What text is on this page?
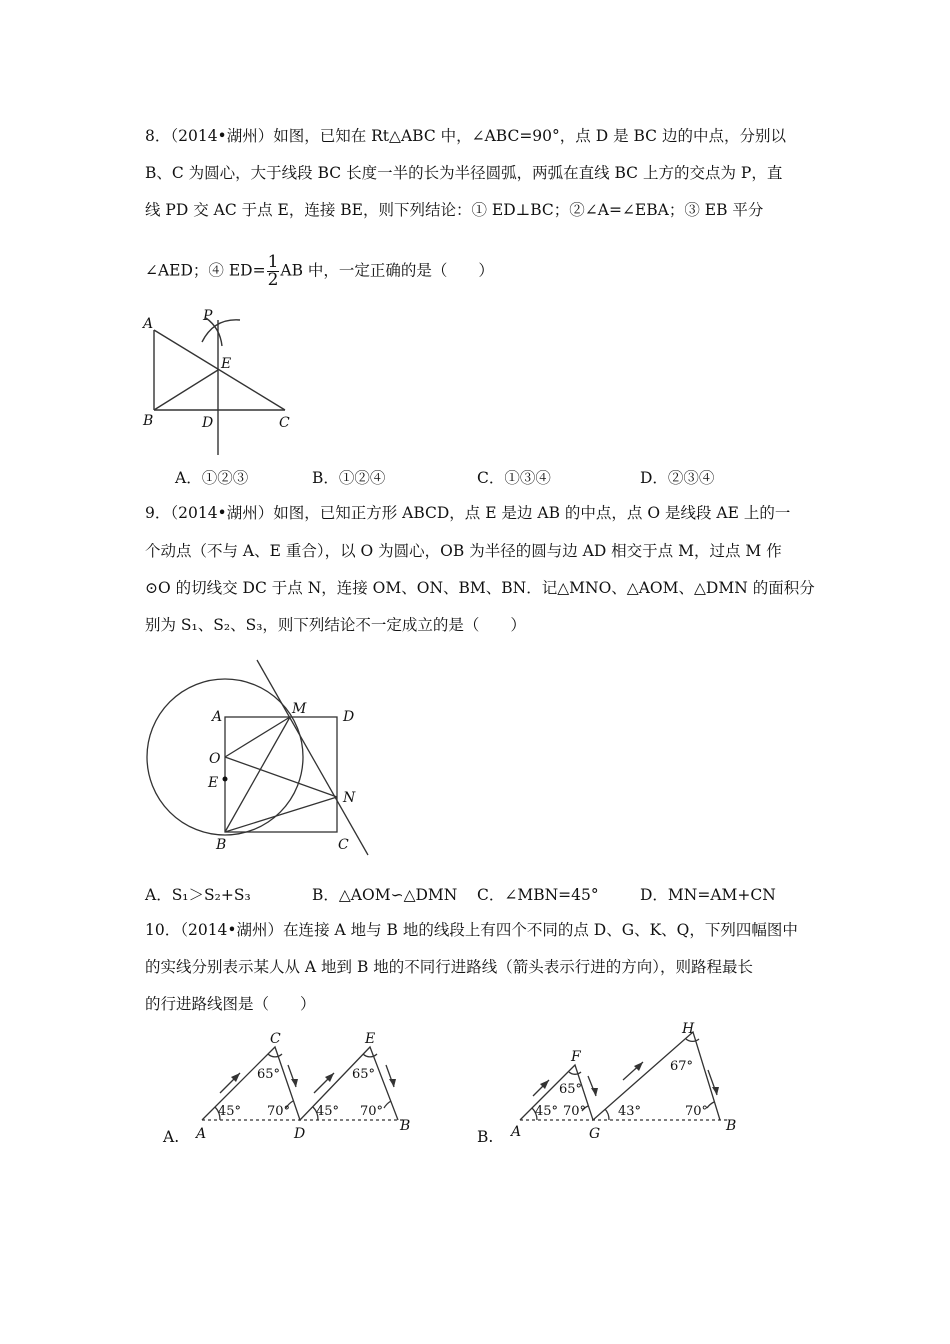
8．（2014•湖州）如图，已知在 Rt△ABC 中，∠ABC=90°，点 D 是 BC 边的中点，分别以
B、C 为圆心，大于线段 BC 长度一半的长为半径圆弧，两弧在直线 BC 上方的交点为 P，直
线 PD 交 AC 于点 E，连接 BE，则下列结论：① ED⊥BC；②∠A=∠EBA；③ EB 平分
∠AED；④ $ED= \frac{1}{2}$ AB 中，一定正确的是（　　）
A
B	C
D
E
P
A．①②③	B．①②④	C．①③④	D．②③④
9．（2014•湖州）如图，已知正方形 ABCD，点 E 是边 AB 的中点，点 O 是线段 AE 上的一
个动点（不与 A、E 重合），以 O 为圆心，OB 为半径的圆与边 AD 相交于点 M，过点 M 作
⊙O 的切线交 DC 于点 N，连接 OM、ON、BM、BN．记△MNO、△AOM、△DMN 的面积分
别为 S₁、S₂、S₃，则下列结论不一定成立的是（　　）
A	M	D
O
E
N
B	C
A．S₁＞S₂+S₃	B．△AOM∽△DMN C．∠MBN=45°	D．MN=AM+CN
10．（2014•湖州）在连接 A 地与 B 地的线段上有四个不同的点 D、G、K、Q，下列四幅图中
的实线分别表示某人从 A 地到 B 地的不同行进路线（箭头表示行进的方向），则路程最长
的行进路线图是（　　）
A. A
C
D
E
B
45°
65°
70° 45°
65°
70°
B. A
F
G
H
B
45°
65°
70° 43°
67°
70°
